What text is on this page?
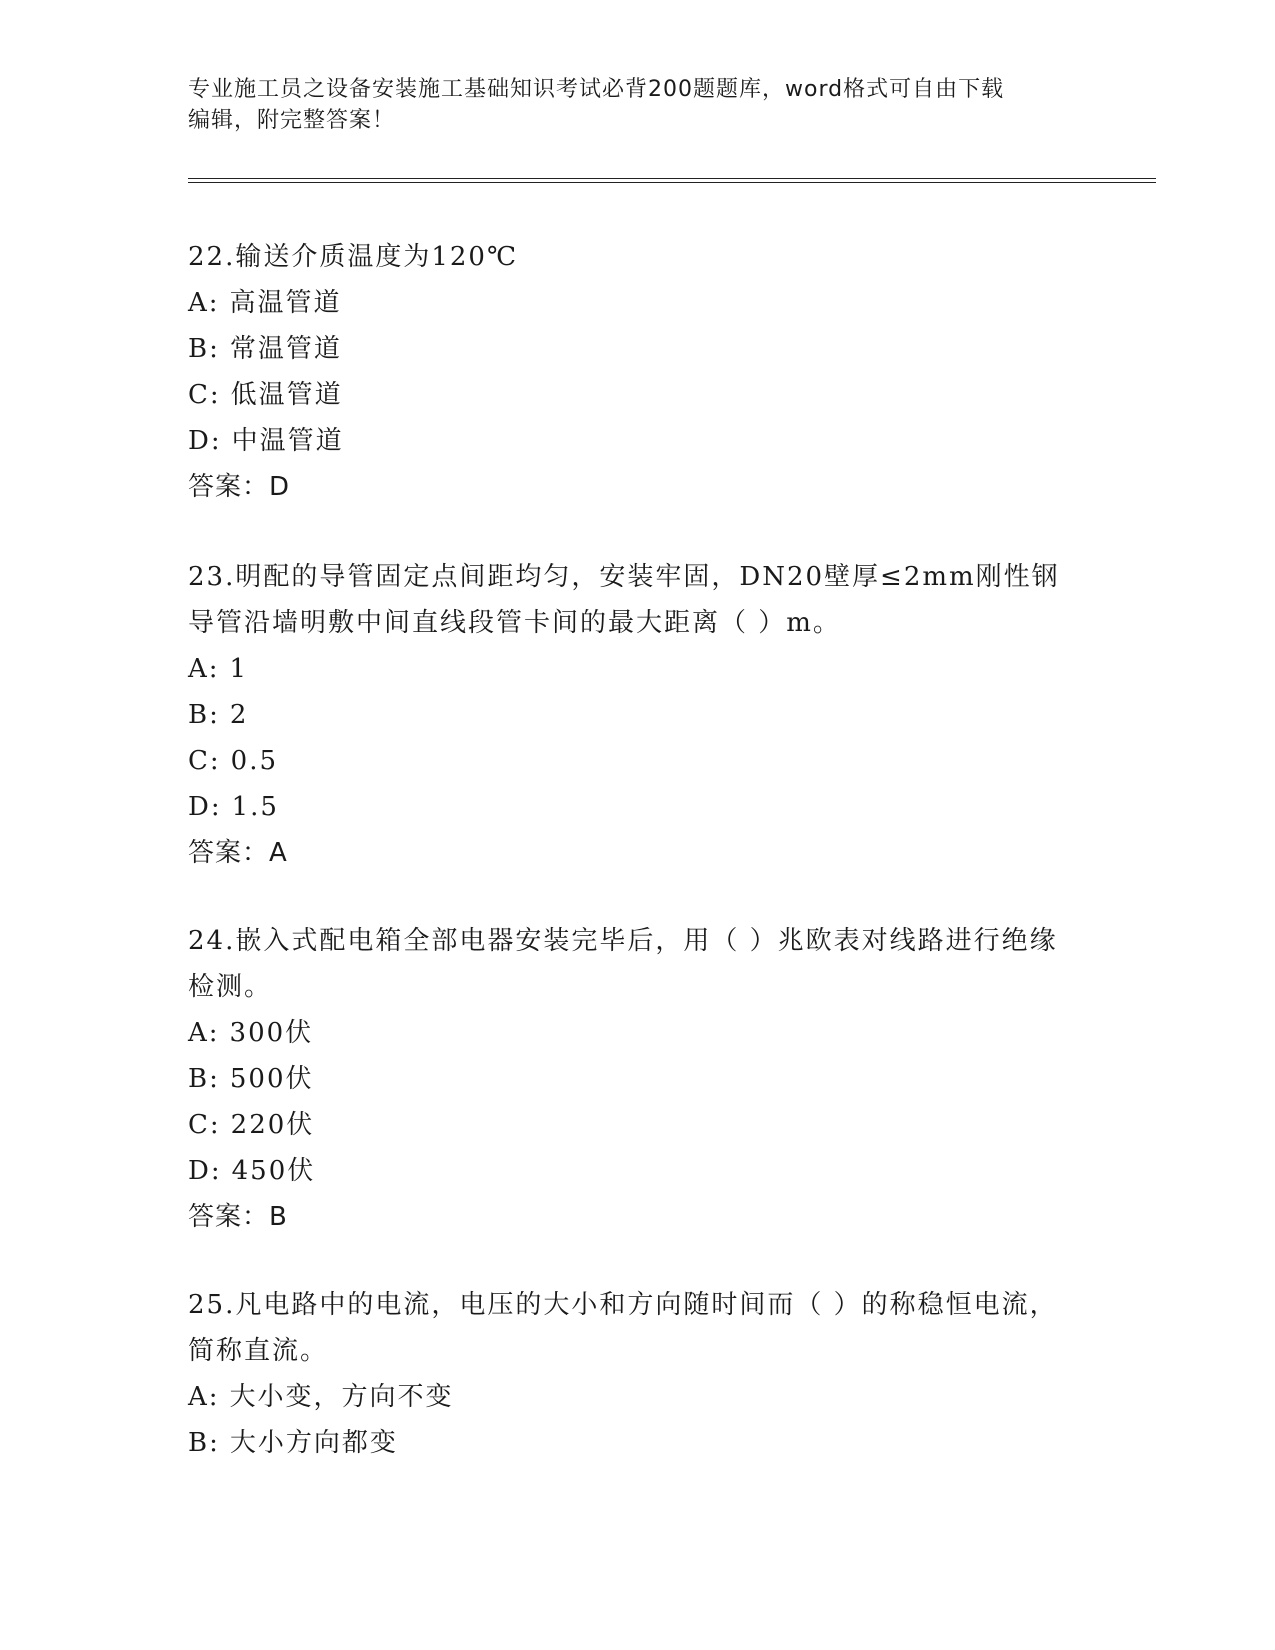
专业施工员之设备安装施工基础知识考试必背200题题库，word格式可自由下载
编辑，附完整答案！

22.输送介质温度为120℃

A: 高温管道

B: 常温管道

C: 低温管道

D: 中温管道

答案：D

23.明配的导管固定点间距均匀，安装牢固，DN20壁厚≤2mm刚性钢导管沿墙明敷中间直线段管卡间的最大距离（ ）m。

A: 1

B: 2

C: 0.5

D: 1.5

答案：A

24.嵌入式配电箱全部电器安装完毕后，用（ ）兆欧表对线路进行绝缘检测。

A: 300伏

B: 500伏

C: 220伏

D: 450伏

答案：B

25.凡电路中的电流，电压的大小和方向随时间而（ ）的称稳恒电流，简称直流。

A: 大小变，方向不变

B: 大小方向都变
